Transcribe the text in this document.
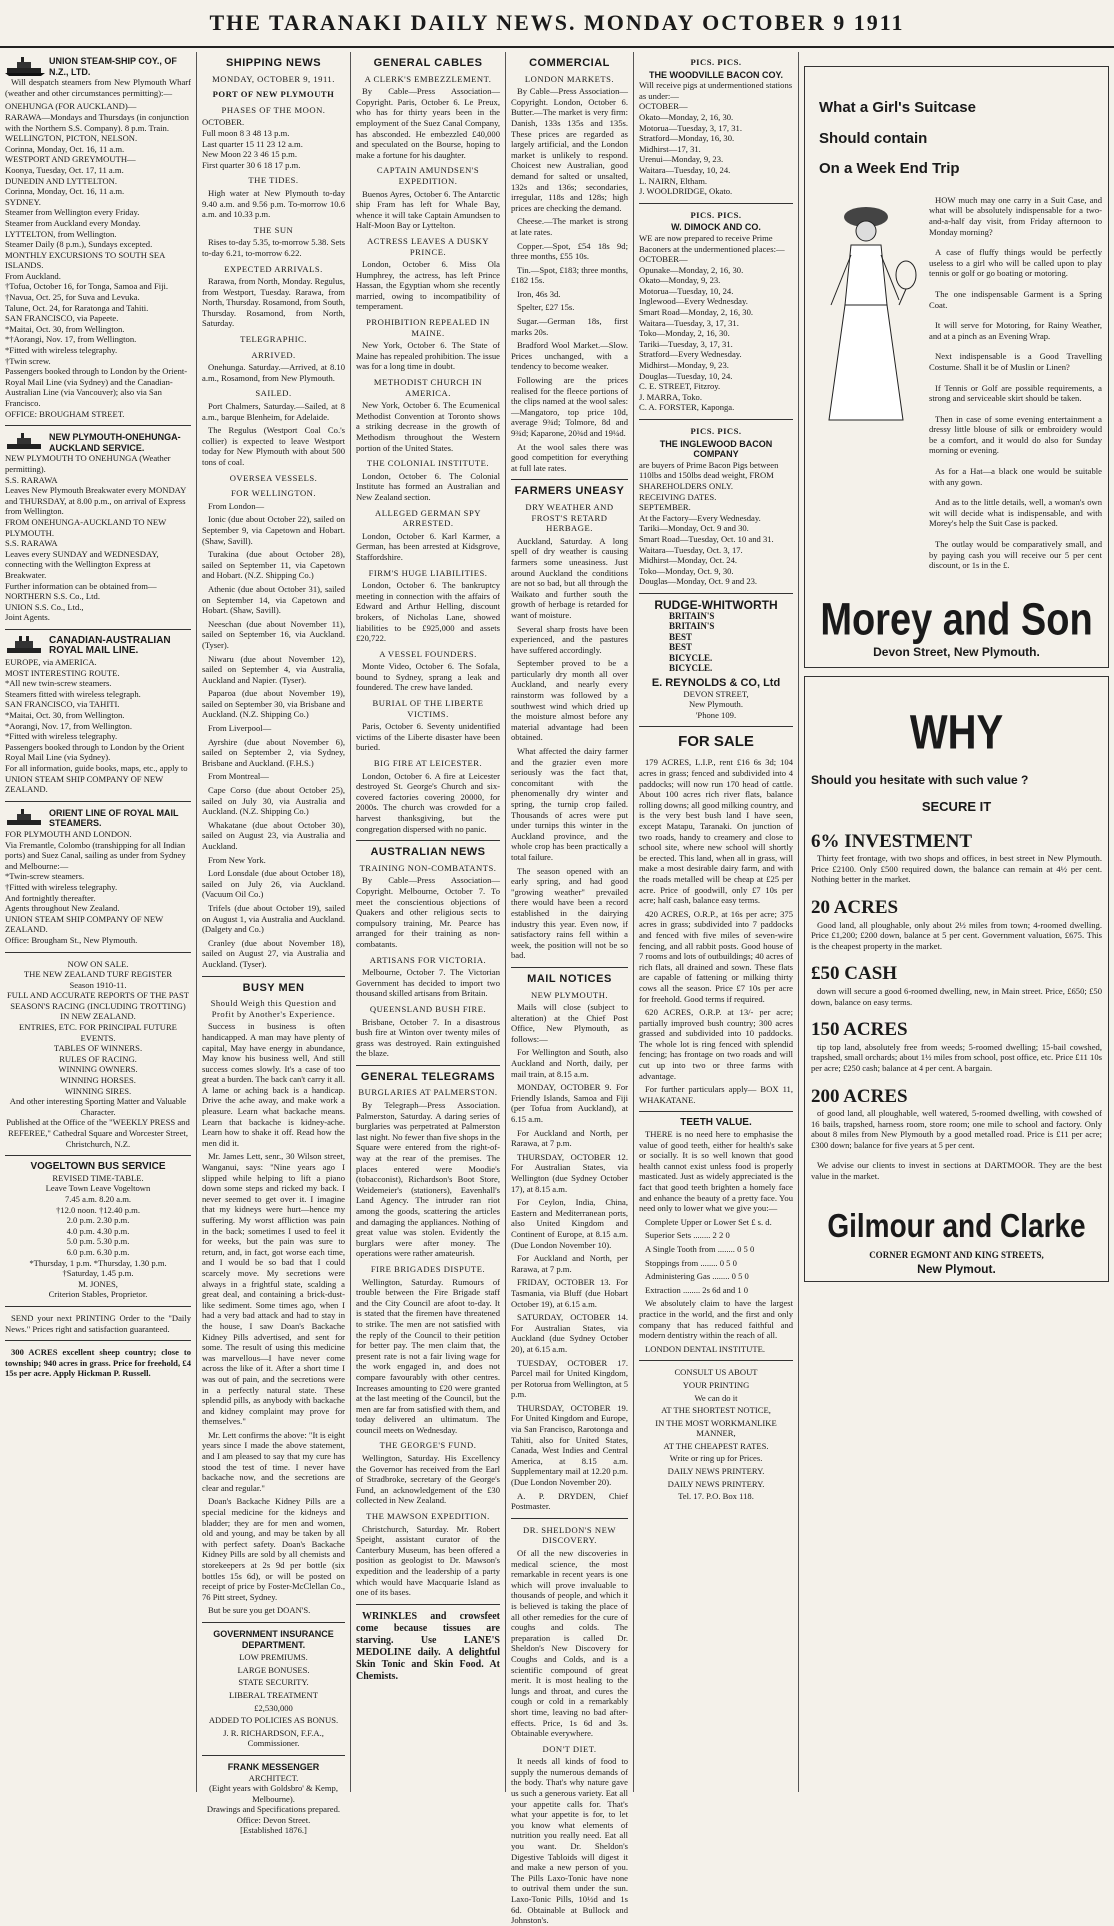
THE TARANAKI DAILY NEWS. MONDAY OCTOBER 9 1911
UNION STEAM-SHIP COY., OF N.Z., LTD.

Will despatch steamers from New Plymouth Wharf (weather and other circumstances permitting):—

ONEHUNGA (FOR AUCKLAND)—
RARAWA—Mondays and Thursdays (in conjunction with the Northern S.S. Company). 8 p.m. Train.
WELLINGTON, PICTON, NELSON.
Corinna, Monday, Oct. 16, 11 a.m.
WESTPORT AND GREYMOUTH—
Koonya, Tuesday, Oct. 17, 11 a.m.
DUNEDIN AND LYTTELTON.
Corinna, Monday, Oct. 16, 11 a.m.
SYDNEY.
Steamer from Wellington every Friday.
Steamer from Auckland every Monday.
LYTTELTON, from Wellington.
Steamer Daily (8 p.m.), Sundays excepted.
MONTHLY EXCURSIONS TO SOUTH SEA ISLANDS.
From Auckland.
†Tofua, October 16, for Tonga, Samoa and Fiji.
†Navua, Oct. 25, for Suva and Levuka.
Talune, Oct. 24, for Raratonga and Tahiti.
SAN FRANCISCO, via Papeete.
*Maitai, Oct. 30, from Wellington.
*†Aorangi, Nov. 17, from Wellington.
*Fitted with wireless telegraphy.
†Twin screw.
Passengers booked through to London by the Orient-Royal Mail Line (via Sydney) and the Canadian-Australian Line (via Vancouver); also via San Francisco.
OFFICE: BROUGHAM STREET.
NEW PLYMOUTH-ONEHUNGA-AUCKLAND SERVICE.
NEW PLYMOUTH TO ONEHUNGA (Weather permitting).
S.S. RARAWA
Leaves New Plymouth Breakwater every MONDAY and THURSDAY, at 8.00 p.m., on arrival of Express from Wellington.
FROM ONEHUNGA-AUCKLAND TO NEW PLYMOUTH.
S.S. RARAWA
Leaves every SUNDAY and WEDNESDAY, connecting with the Wellington Express at Breakwater.
Further information can be obtained from—
NORTHERN S.S. Co., Ltd.
UNION S.S. Co., Ltd.,
Joint Agents.
CANADIAN-AUSTRALIAN ROYAL MAIL LINE.
EUROPE, via AMERICA.
MOST INTERESTING ROUTE.
*All new twin-screw steamers.
Steamers fitted with wireless telegraph.
SAN FRANCISCO, via TAHITI.
*Maitai, Oct. 30, from Wellington.
*Aorangi, Nov. 17, from Wellington.
*Fitted with wireless telegraphy.
Passengers booked through to London by the Orient Royal Mail Line (via Sydney).
For all information, guide books, maps, etc., apply to
UNION STEAM SHIP COMPANY OF NEW ZEALAND.
ORIENT LINE OF ROYAL MAIL STEAMERS.
FOR PLYMOUTH AND LONDON.
Via Fremantle, Colombo (transhipping for all Indian ports) and Suez Canal, sailing as under from Sydney and Melbourne:—
*Twin-screw steamers.
†Fitted with wireless telegraphy.
And fortnightly thereafter.
Agents throughout New Zealand.
UNION STEAM SHIP COMPANY OF NEW ZEALAND.
Office: Brougham St., New Plymouth.
NOW ON SALE.
THE NEW ZEALAND TURF REGISTER
Season 1910-11.
FULL AND ACCURATE REPORTS OF THE PAST SEASON'S RACING (INCLUDING TROTTING) IN NEW ZEALAND.
ENTRIES, ETC. FOR PRINCIPAL FUTURE EVENTS.
TABLES OF WINNERS.
RULES OF RACING.
WINNING OWNERS.
WINNING HORSES.
WINNING SIRES.
And other interesting Sporting Matter and Valuable Character.
Published at the Office of the "WEEKLY PRESS and REFEREE," Cathedral Square and Worcester Street, Christchurch, N.Z.
VOGELTOWN BUS SERVICE
REVISED TIME-TABLE.
Leave Town Leave Vogeltown
7.45 a.m. 8.20 a.m.
†12.0 noon. †12.40 p.m.
2.0 p.m. 2.30 p.m.
4.0 p.m. 4.30 p.m.
5.0 p.m. 5.30 p.m.
6.0 p.m. 6.30 p.m.
*Thursday, 1 p.m. *Thursday, 1.30 p.m.
†Saturday, 1.45 p.m.
M. JONES,
Criterion Stables, Proprietor.

SEND your next PRINTING Order to the "Daily News." Prices right and satisfaction guaranteed.

300 ACRES excellent sheep country; close to township; 940 acres in grass. Price for freehold, £4 15s per acre. Apply Hickman P. Russell.

SHIPPING NEWS
MONDAY, OCTOBER 9, 1911.
PORT OF NEW PLYMOUTH
PHASES OF THE MOON.
OCTOBER.
Full moon 8 3 48 13 p.m.
Last quarter 15 11 23 12 a.m.
New Moon 22 3 46 15 p.m.
First quarter 30 6 18 17 p.m.
THE TIDES.

High water at New Plymouth to-day 9.40 a.m. and 9.56 p.m. To-morrow 10.6 a.m. and 10.33 p.m.

THE SUN

Rises to-day 5.35, to-morrow 5.38. Sets to-day 6.21, to-morrow 6.22.

EXPECTED ARRIVALS.

Rarawa, from North, Monday. Regulus, from Westport, Tuesday. Rarawa, from North, Thursday. Rosamond, from South, Thursday. Rosamond, from North, Saturday.

TELEGRAPHIC.
ARRIVED.

Onehunga. Saturday.—Arrived, at 8.10 a.m., Rosamond, from New Plymouth.

SAILED.

Port Chalmers, Saturday.—Sailed, at 8 a.m., barque Blenheim, for Adelaide.

The Regulus (Westport Coal Co.'s collier) is expected to leave Westport today for New Plymouth with about 500 tons of coal.

OVERSEA VESSELS.
FOR WELLINGTON.

From London—

Ionic (due about October 22), sailed on September 9, via Capetown and Hobart. (Shaw, Savill).

Turakina (due about October 28), sailed on September 11, via Capetown and Hobart. (N.Z. Shipping Co.)

Athenic (due about October 31), sailed on September 14, via Capetown and Hobart. (Shaw, Savill).

Neeschan (due about November 11), sailed on September 16, via Auckland. (Tyser).

Niwaru (due about November 12), sailed on September 4, via Australia, Auckland and Napier. (Tyser).

Paparoa (due about November 19), sailed on September 30, via Brisbane and Auckland. (N.Z. Shipping Co.)

From Liverpool—

Ayrshire (due about November 6), sailed on September 2, via Sydney, Brisbane and Auckland. (F.H.S.)

From Montreal—

Cape Corso (due about October 25), sailed on July 30, via Australia and Auckland. (N.Z. Shipping Co.)

Whakatane (due about October 30), sailed on August 23, via Australia and Auckland.

From New York.

Lord Lonsdale (due about October 18), sailed on July 26, via Auckland. (Vacuum Oil Co.)

Trifels (due about October 19), sailed on August 1, via Australia and Auckland. (Dalgety and Co.)

Cranley (due about November 18), sailed on August 27, via Australia and Auckland. (Tyser).

BUSY MEN
Should Weigh this Question and Profit by Another's Experience.

Success in business is often handicapped. A man may have plenty of capital, May have energy in abundance, May know his business well, And still success comes slowly. It's a case of too great a burden. The back can't carry it all. A lame or aching back is a handicap. Drive the ache away, and make work a pleasure. Learn what backache means. Learn that backache is kidney-ache. Learn how to shake it off. Read how the men did it.

Mr. James Lett, senr., 30 Wilson street, Wanganui, says: "Nine years ago I slipped while helping to lift a piano down some steps and ricked my back. I never seemed to get over it. I imagine that my kidneys were hurt—hence my suffering. My worst affliction was pain in the back; sometimes I used to feel it for weeks, but the pain was sure to return, and, in fact, got worse each time, and I would be so bad that I could scarcely move. My secretions were always in a frightful state, scalding a great deal, and containing a brick-dust-like sediment. Some times ago, when I had a very bad attack and had to stay in the house, I saw Doan's Backache Kidney Pills advertised, and sent for some. The result of using this medicine was marvellous—I have never come across the like of it. After a short time I was out of pain, and the secretions were in a perfectly natural state. These splendid pills, as anybody with backache and kidney complaint may prove for themselves."

Mr. Lett confirms the above: "It is eight years since I made the above statement, and I am pleased to say that my cure has stood the test of time. I never have backache now, and the secretions are clear and regular."

Doan's Backache Kidney Pills are a special medicine for the kidneys and bladder; they are for men and women, old and young, and may be taken by all with perfect safety. Doan's Backache Kidney Pills are sold by all chemists and storekeepers at 2s 9d per bottle (six bottles 15s 6d), or will be posted on receipt of price by Foster-McClellan Co., 76 Pitt street, Sydney.

But be sure you get DOAN'S.

GOVERNMENT INSURANCE DEPARTMENT.
LOW PREMIUMS.
LARGE BONUSES.
STATE SECURITY.
LIBERAL TREATMENT
£2,530,000
ADDED TO POLICIES AS BONUS.
J. R. RICHARDSON, F.F.A., Commissioner.
FRANK MESSENGER
ARCHITECT.
(Eight years with Goldsbro' & Kemp, Melbourne).
Drawings and Specifications prepared.
Office: Devon Street.
[Established 1876.]
GENERAL CABLES
A CLERK'S EMBEZZLEMENT.

By Cable—Press Association—Copyright. Paris, October 6. Le Preux, who has for thirty years been in the employment of the Suez Canal Company, has absconded. He embezzled £40,000 and speculated on the Bourse, hoping to make a fortune for his daughter.

CAPTAIN AMUNDSEN'S EXPEDITION.

Buenos Ayres, October 6. The Antarctic ship Fram has left for Whale Bay, whence it will take Captain Amundsen to Half-Moon Bay or Lyttelton.

ACTRESS LEAVES A DUSKY PRINCE.

London, October 6. Miss Ola Humphrey, the actress, has left Prince Hassan, the Egyptian whom she recently married, owing to incompatibility of temperament.

PROHIBITION REPEALED IN MAINE.

New York, October 6. The State of Maine has repealed prohibition. The issue was for a long time in doubt.

METHODIST CHURCH IN AMERICA.

New York, October 6. The Ecumenical Methodist Convention at Toronto shows a striking decrease in the growth of Methodism throughout the Western portion of the United States.

THE COLONIAL INSTITUTE.

London, October 6. The Colonial Institute has formed an Australian and New Zealand section.

ALLEGED GERMAN SPY ARRESTED.

London, October 6. Karl Karmer, a German, has been arrested at Kidsgrove, Staffordshire.

FIRM'S HUGE LIABILITIES.

London, October 6. The bankruptcy meeting in connection with the affairs of Edward and Arthur Helling, discount brokers, of Nicholas Lane, showed liabilities to be £925,000 and assets £20,722.

A VESSEL FOUNDERS.

Monte Video, October 6. The Sofala, bound to Sydney, sprang a leak and foundered. The crew have landed.

BURIAL OF THE LIBERTE VICTIMS.

Paris, October 6. Seventy unidentified victims of the Liberte disaster have been buried.

BIG FIRE AT LEICESTER.

London, October 6. A fire at Leicester destroyed St. George's Church and six-covered factories covering 20000, for 2000s. The church was crowded for a harvest thanksgiving, but the congregation dispersed with no panic.

AUSTRALIAN NEWS
TRAINING NON-COMBATANTS.

By Cable—Press Association—Copyright. Melbourne, October 7. To meet the conscientious objections of Quakers and other religious sects to compulsory training, Mr. Pearce has arranged for their training as non-combatants.

ARTISANS FOR VICTORIA.

Melbourne, October 7. The Victorian Government has decided to import two thousand skilled artisans from Britain.

QUEENSLAND BUSH FIRE.

Brisbane, October 7. In a disastrous bush fire at Winton over twenty miles of grass was destroyed. Rain extinguished the blaze.

GENERAL TELEGRAMS
BURGLARIES AT PALMERSTON.

By Telegraph—Press Association. Palmerston, Saturday. A daring series of burglaries was perpetrated at Palmerston last night. No fewer than five shops in the Square were entered from the right-of-way at the rear of the premises. The places entered were Moodie's (tobacconist), Richardson's Boot Store, Weidemeier's (stationers), Eavenhall's Land Agency. The intruder ran riot among the goods, scattering the articles and damaging the appliances. Nothing of great value was stolen. Evidently the burglars were after money. The operations were rather amateurish.

FIRE BRIGADES DISPUTE.

Wellington, Saturday. Rumours of trouble between the Fire Brigade staff and the City Council are afoot to-day. It is stated that the firemen have threatened to strike. The men are not satisfied with the reply of the Council to their petition for better pay. The men claim that, the present rate is not a fair living wage for the work engaged in, and does not compare favourably with other centres. Increases amounting to £20 were granted at the last meeting of the Council, but the men are far from satisfied with them, and today delivered an ultimatum. The council meets on Wednesday.

THE GEORGE'S FUND.

Wellington, Saturday. His Excellency the Governor has received from the Earl of Stradbroke, secretary of the George's Fund, an acknowledgement of the £30 collected in New Zealand.

THE MAWSON EXPEDITION.

Christchurch, Saturday. Mr. Robert Speight, assistant curator of the Canterbury Museum, has been offered a position as geologist to Dr. Mawson's expedition and the leadership of a party which would have Macquarie Island as one of its bases.

WRINKLES and crowsfeet come because tissues are starving. Use LANE'S MEDOLINE daily. A delightful Skin Tonic and Skin Food. At Chemists.

COMMERCIAL
LONDON MARKETS.

By Cable—Press Association—Copyright. London, October 6. Butter.—The market is very firm: Danish, 133s 135s and 135s. These prices are regarded as largely artificial, and the London market is unlikely to respond. Choicest new Australian, good demand for salted or unsalted, 132s and 136s; secondaries, irregular, 118s and 128s; high prices are checking the demand.

Cheese.—The market is strong at late rates.

Copper.—Spot, £54 18s 9d; three months, £55 10s.

Tin.—Spot, £183; three months, £182 15s.

Iron, 46s 3d.

Spelter, £27 15s.

Sugar.—German 18s, first marks 20s.

Bradford Wool Market.—Slow. Prices unchanged, with a tendency to become weaker.

Following are the prices realised for the fleece portions of the clips named at the wool sales:—Mangatoro, top price 10d, average 9¾d; Tolmore, 8d and 9¾d; Kaparone, 20¾d and 19¼d.

At the wool sales there was good competition for everything at full late rates.

FARMERS UNEASY
DRY WEATHER AND FROST'S RETARD HERBAGE.

Auckland, Saturday. A long spell of dry weather is causing farmers some uneasiness. Just around Auckland the conditions are not so bad, but all through the Waikato and further south the growth of herbage is retarded for want of moisture.

Several sharp frosts have been experienced, and the pastures have suffered accordingly.

September proved to be a particularly dry month all over Auckland, and nearly every rainstorm was followed by a southwest wind which dried up the moisture almost before any material advantage had been obtained.

What affected the dairy farmer and the grazier even more seriously was the fact that, concomitant with the phenomenally dry winter and spring, the turnip crop failed. Thousands of acres were put under turnips this winter in the Auckland province, and the whole crop has been practically a total failure.

The season opened with an early spring, and had good "growing weather" prevailed there would have been a record established in the dairying industry this year. Even now, if satisfactory rains fell within a week, the position will not be so bad.

MAIL NOTICES
NEW PLYMOUTH.

Mails will close (subject to alteration) at the Chief Post Office, New Plymouth, as follows:—

For Wellington and South, also Auckland and North, daily, per mail train, at 8.15 a.m.

MONDAY, OCTOBER 9. For Friendly Islands, Samoa and Fiji (per Tofua from Auckland), at 6.15 a.m.

For Auckland and North, per Rarawa, at 7 p.m.

THURSDAY, OCTOBER 12. For Australian States, via Wellington (due Sydney October 17), at 8.15 a.m.

For Ceylon, India, China, Eastern and Mediterranean ports, also United Kingdom and Continent of Europe, at 8.15 a.m. (Due London November 10).

For Auckland and North, per Rarawa, at 7 p.m.

FRIDAY, OCTOBER 13. For Tasmania, via Bluff (due Hobart October 19), at 6.15 a.m.

SATURDAY, OCTOBER 14. For Australian States, via Auckland (due Sydney October 20), at 6.15 a.m.

TUESDAY, OCTOBER 17. Parcel mail for United Kingdom, per Rotorua from Wellington, at 5 p.m.

THURSDAY, OCTOBER 19. For United Kingdom and Europe, via San Francisco, Rarotonga and Tahiti, also for United States, Canada, West Indies and Central America, at 8.15 a.m. Supplementary mail at 12.20 p.m. (Due London November 20).

A. P. DRYDEN, Chief Postmaster.

DR. SHELDON'S NEW DISCOVERY.

Of all the new discoveries in medical science, the most remarkable in recent years is one which will prove invaluable to thousands of people, and which it is believed is taking the place of all other remedies for the cure of coughs and colds. The preparation is called Dr. Sheldon's New Discovery for Coughs and Colds, and is a scientific compound of great merit. It is most healing to the lungs and throat, and cures the cough or cold in a remarkably short time, leaving no bad after-effects. Price, 1s 6d and 3s. Obtainable everywhere.

DON'T DIET.

It needs all kinds of food to supply the numerous demands of the body. That's why nature gave us such a generous variety. Eat all your appetite calls for. That's what your appetite is for, to let you know what elements of nutrition you really need. Eat all you want. Dr. Sheldon's Digestive Tabloids will digest it and make a new person of you. The Pills Laxo-Tonic have none to outrival them under the sun. Laxo-Tonic Pills, 10½d and 1s 6d. Obtainable at Bullock and Johnston's.

PICS. PICS.
THE WOODVILLE BACON COY.
Will receive pigs at undermentioned stations as under:—
OCTOBER—
Okato—Monday, 2, 16, 30.
Motorua—Tuesday, 3, 17, 31.
Stratford—Monday, 16, 30.
Midhirst—17, 31.
Urenui—Monday, 9, 23.
Waitara—Tuesday, 10, 24.
L. NAIRN, Eltham.
J. WOOLDRIDGE, Okato.
PICS. PICS.
W. DIMOCK AND CO.
WE are now prepared to receive Prime Baconers at the undermentioned places:—
OCTOBER—
Opunake—Monday, 2, 16, 30.
Okato—Monday, 9, 23.
Motorua—Tuesday, 10, 24.
Inglewood—Every Wednesday.
Smart Road—Monday, 2, 16, 30.
Waitara—Tuesday, 3, 17, 31.
Toko—Monday, 2, 16, 30.
Tariki—Tuesday, 3, 17, 31.
Stratford—Every Wednesday.
Midhirst—Monday, 9, 23.
Douglas—Tuesday, 10, 24.
C. E. STREET, Fitzroy.
J. MARRA, Toko.
C. A. FORSTER, Kaponga.
PICS. PICS.
THE INGLEWOOD BACON COMPANY
are buyers of Prime Bacon Pigs between 110lbs and 150lbs dead weight, FROM SHAREHOLDERS ONLY.
RECEIVING DATES.
SEPTEMBER.
At the Factory—Every Wednesday.
Tariki—Monday, Oct. 9 and 30.
Smart Road—Tuesday, Oct. 10 and 31.
Waitara—Tuesday, Oct. 3, 17.
Midhirst—Monday, Oct. 24.
Toko—Monday, Oct. 9, 30.
Douglas—Monday, Oct. 9 and 23.
RUDGE-WHITWORTH
BRITAIN'S
BRITAIN'S
BEST
BEST
BICYCLE.
BICYCLE.
E. REYNOLDS & CO, Ltd
DEVON STREET,
New Plymouth.
'Phone 109.
FOR SALE

179 ACRES, L.I.P., rent £16 6s 3d; 104 acres in grass; fenced and subdivided into 4 paddocks; will now run 170 head of cattle. About 100 acres rich river flats, balance rolling downs; all good milking country, and is the very best bush land I have seen, except Matapu, Taranaki. On junction of two roads, handy to creamery and close to school site, where new school will shortly be erected. This land, when all in grass, will make a most desirable dairy farm, and with the roads metalled will be cheap at £25 per acre. Price of goodwill, only £7 10s per acre; half cash, balance easy terms.

420 ACRES, O.R.P., at 16s per acre; 375 acres in grass; subdivided into 7 paddocks and fenced with five miles of seven-wire fencing, and all rabbit posts. Good house of 7 rooms and lots of outbuildings; 40 acres of rich flats, all drained and sown. These flats are capable of fattening or milking thirty cows all the season. Price £7 10s per acre for freehold. Good terms if required.

620 ACRES, O.R.P. at 13/- per acre; partially improved bush country; 300 acres grassed and subdivided into 10 paddocks. The whole lot is ring fenced with splendid fencing; has frontage on two roads and will cut up into two or three farms with advantage.

For further particulars apply— BOX 11, WHAKATANE.

TEETH VALUE.

THERE is no need here to emphasise the value of good teeth, either for health's sake or socially. It is so well known that good health cannot exist unless food is properly masticated. Just as widely appreciated is the fact that good teeth brighten a homely face and enhance the beauty of a pretty face. You need only to lower what we give you:—

Complete Upper or Lower Set £ s. d.

Superior Sets ........ 2 2 0

A Single Tooth from ........ 0 5 0

Stoppings from ........ 0 5 0

Administering Gas ........ 0 5 0

Extraction ........ 2s 6d and 1 0

We absolutely claim to have the largest practice in the world, and the first and only company that has reduced faithful and modern dentistry within the reach of all.

LONDON DENTAL INSTITUTE.

CONSULT US ABOUT
YOUR PRINTING
We can do it
AT THE SHORTEST NOTICE,
IN THE MOST WORKMANLIKE MANNER,
AT THE CHEAPEST RATES.
Write or ring up for Prices.
DAILY NEWS PRINTERY.
DAILY NEWS PRINTERY.
Tel. 17. P.O. Box 118.
What a Girl's Suitcase
Should contain
On a Week End Trip

HOW much may one carry in a Suit Case, and what will be absolutely indispensable for a two-and-a-half day visit, from Friday afternoon to Monday morning?

A case of fluffy things would be perfectly useless to a girl who will be called upon to play tennis or golf or go boating or motoring.

The one indispensable Garment is a Spring Coat.

It will serve for Motoring, for Rainy Weather, and at a pinch as an Evening Wrap.

Next indispensable is a Good Travelling Costume. Shall it be of Muslin or Linen?

If Tennis or Golf are possible requirements, a strong and serviceable skirt should be taken.

Then in case of some evening entertainment a dressy little blouse of silk or embroidery would be a comfort, and it would do also for Sunday morning or evening.

As for a Hat—a black one would be suitable with any gown.

And as to the little details, well, a woman's own wit will decide what is indispensable, and with Morey's help the Suit Case is packed.

The outlay would be comparatively small, and by paying cash you will receive our 5 per cent discount, or 1s in the £.

Morey and Son
Devon Street, New Plymouth.
WHY
Should you hesitate with such value ?
SECURE IT
6% INVESTMENT

Thirty feet frontage, with two shops and offices, in best street in New Plymouth. Price £2100. Only £500 required down, the balance can remain at 4½ per cent. Nothing better in the market.

20 ACRES

Good land, all ploughable, only about 2½ miles from town; 4-roomed dwelling. Price £1,200; £200 down, balance at 5 per cent. Government valuation, £675. This is the cheapest property in the market.

£50 CASH

down will secure a good 6-roomed dwelling, new, in Main street. Price, £650; £50 down, balance on easy terms.

150 ACRES

tip top land, absolutely free from weeds; 5-roomed dwelling; 15-bail cowshed, trapshed, small orchards; about 1½ miles from school, post office, etc. Price £11 10s per acre; £250 cash; balance at 4 per cent. A bargain.

200 ACRES

of good land, all ploughable, well watered, 5-roomed dwelling, with cowshed of 16 bails, trapshed, harness room, store room; one mile to school and factory. Only about 8 miles from New Plymouth by a good metalled road. Price is £11 per acre; £300 down; balance for five years at 5 per cent.

We advise our clients to invest in sections at DARTMOOR. They are the best value in the market.

Gilmour and Clarke
CORNER EGMONT AND KING STREETS,
New Plymout.
